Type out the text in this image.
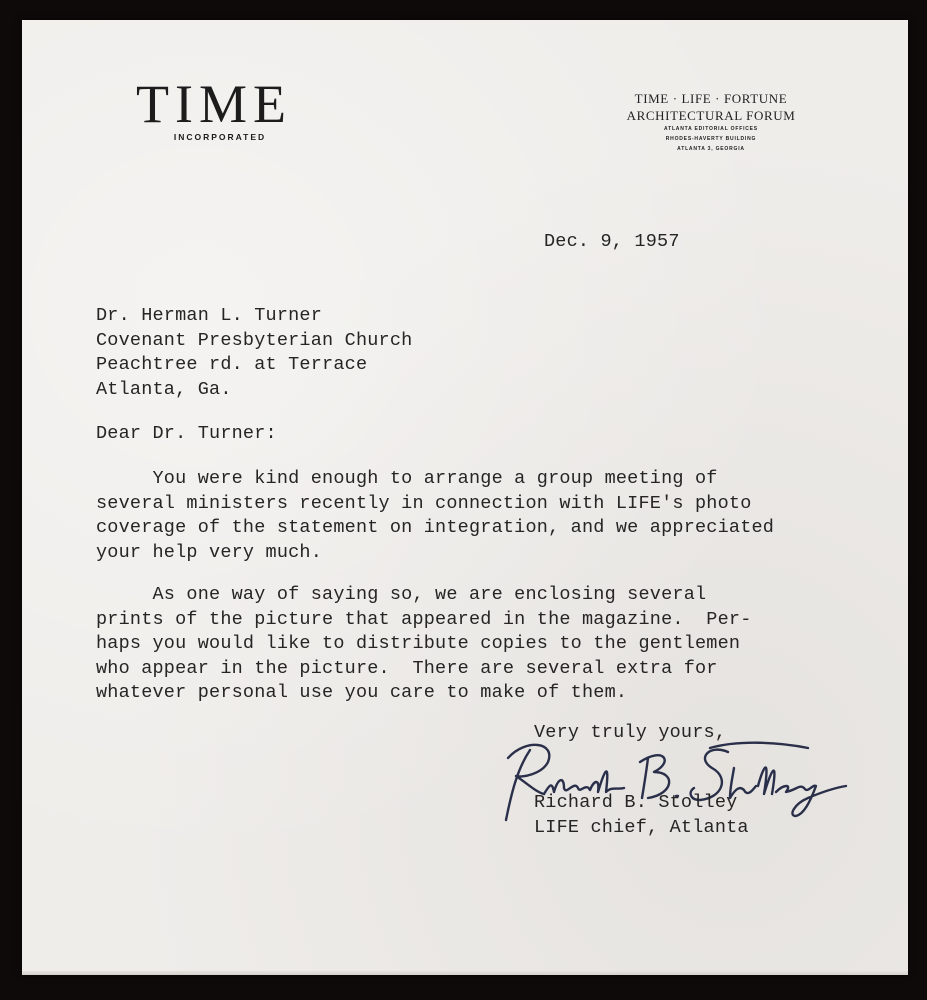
TIME
INCORPORATED
TIME · LIFE · FORTUNE
ARCHITECTURAL FORUM
ATLANTA EDITORIAL OFFICES
RHODES-HAVERTY BUILDING
ATLANTA 3, GEORGIA
Dec. 9, 1957
Dr. Herman L. Turner
Covenant Presbyterian Church
Peachtree rd. at Terrace
Atlanta, Ga.
Dear Dr. Turner:
You were kind enough to arrange a group meeting of
several ministers recently in connection with LIFE's photo
coverage of the statement on integration, and we appreciated
your help very much.
As one way of saying so, we are enclosing several
prints of the picture that appeared in the magazine.  Per-
haps you would like to distribute copies to the gentlemen
who appear in the picture.  There are several extra for
whatever personal use you care to make of them.
Very truly yours,
Richard B. Stolley
LIFE chief, Atlanta
